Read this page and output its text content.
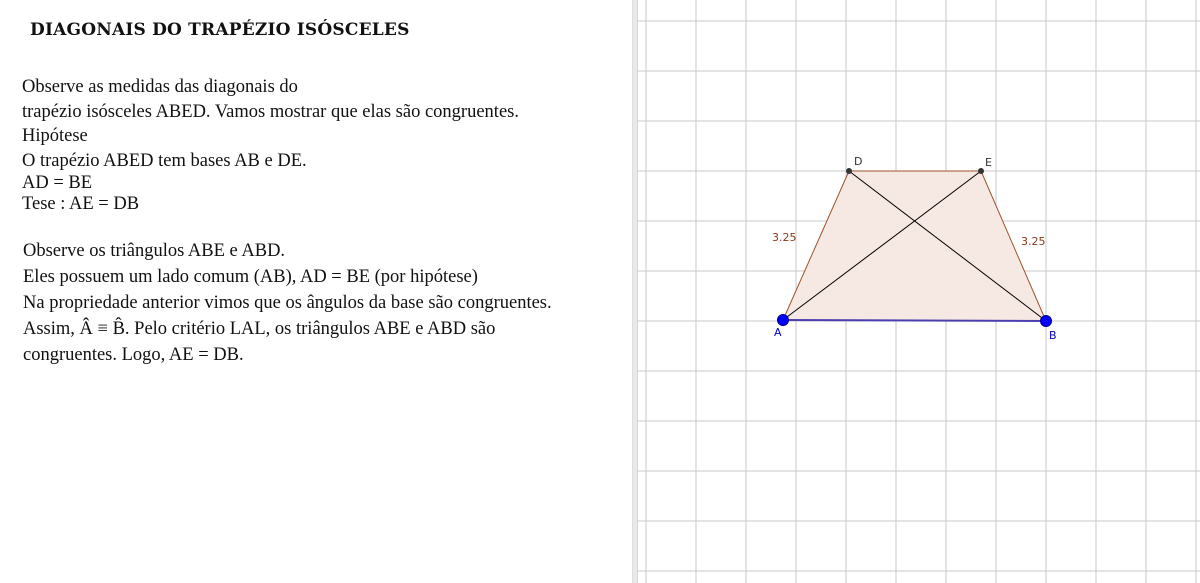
DIAGONAIS DO TRAPÉZIO ISÓSCELES
Observe as medidas das diagonais do
trapézio isósceles ABED. Vamos mostrar que elas são congruentes.
Hipótese
O trapézio ABED tem bases AB e DE.
AD = BE
Tese : AE = DB
Observe os triângulos ABE e ABD.
Eles possuem um lado comum (AB), AD = BE (por hipótese)
Na propriedade anterior vimos que os ângulos da base são congruentes.
Assim, Â ≡ B̂. Pelo critério LAL, os triângulos ABE e ABD são
congruentes. Logo, AE = DB.
3.25	3.25
A	B
D	E
